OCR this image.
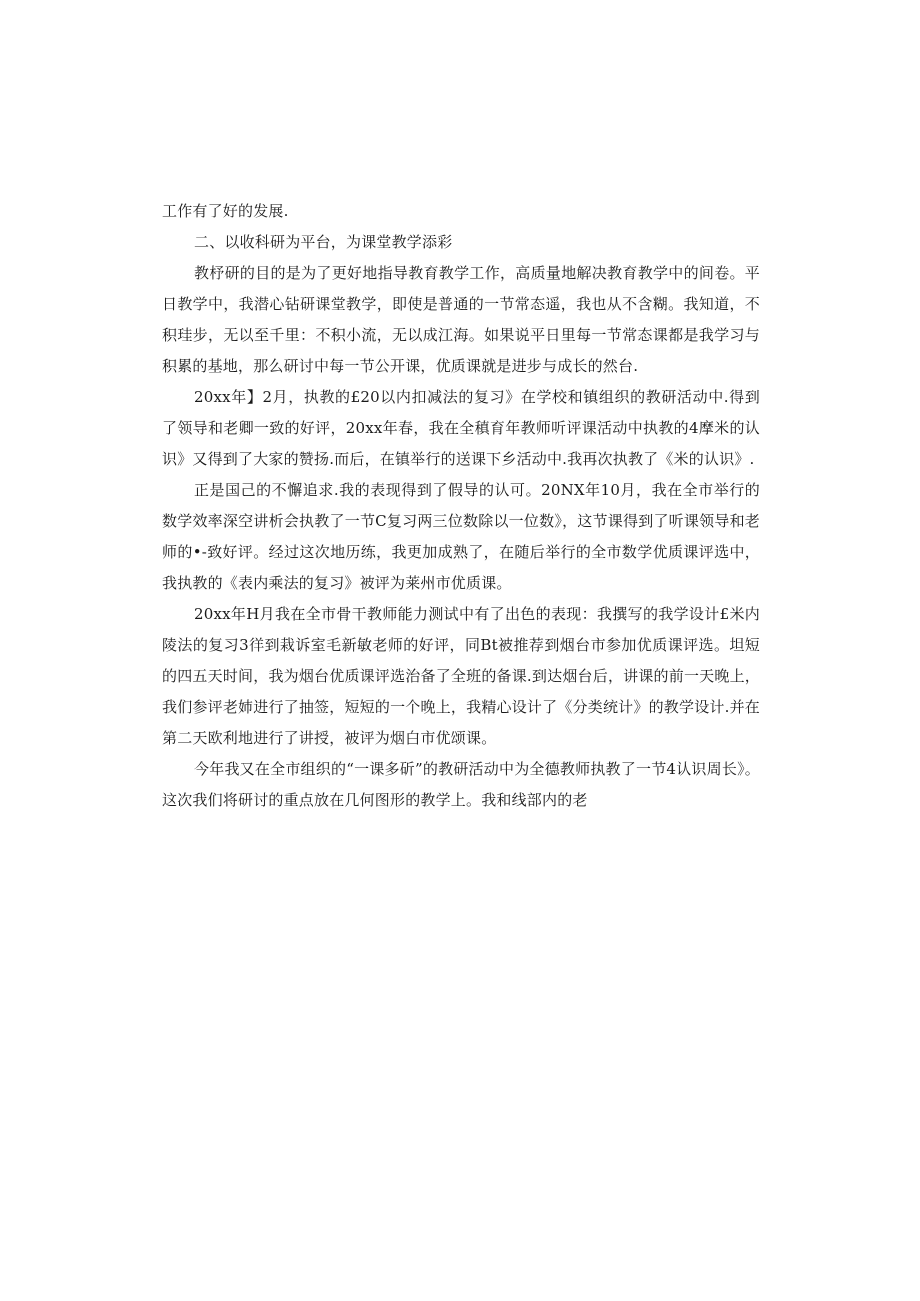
工作有了好的发展.

二、以收科研为平台，为课堂教学添彩

教杼研的目的是为了更好地指导教育教学工作，高质量地解决教育教学中的间卷。平日教学中，我潜心钻研课堂教学，即使是普通的一节常态遥，我也从不含糊。我知道，不积珪步，无以至千里：不积小流，无以成江海。如果说平日里每一节常态课都是我学习与积累的基地，那么研讨中每一节公开课，优质课就是进步与成长的然台.

20xx年】2月，执教的£20以内扣减法的复习》在学校和镇组织的教研活动中.得到了领导和老卿一致的好评，20xx年春，我在全稹育年教师听评课活动中执教的4摩米的认识》又得到了大家的赞扬.而后，在镇举行的送课下乡活动中.我再次执教了《米的认识》.

正是国己的不懈追求.我的表现得到了假导的认可。20NX年10月，我在全市举行的数学效率深空讲析会执教了一节C复习两三位数除以一位数》，这节课得到了听课领导和老师的•-致好评。经过这次地历练，我更加成熟了，在随后举行的全市数学优质课评选中，我执教的《表内乘法的复习》被评为莱州市优质课。

20xx年H月我在全市骨干教师能力测试中有了出色的表现：我撰写的我学设计£米内陵法的复习3徉到栽诉室毛新敏老师的好评，同Bt被推荐到烟台市参加优质课评选。坦短的四五天时间，我为烟台优质课评选治备了全班的备课.到达烟台后，讲课的前一天晚上，我们参评老姉进行了抽签，短短的一个晚上，我精心设计了《分类统计》的教学设计.并在第二天欧利地进行了讲授，被评为烟白市优颂课。

今年我又在全市组织的“一课多斫”的教研活动中为全德教师执教了一节4认识周长》。这次我们将研讨的重点放在几何图形的教学上。我和线部内的老
